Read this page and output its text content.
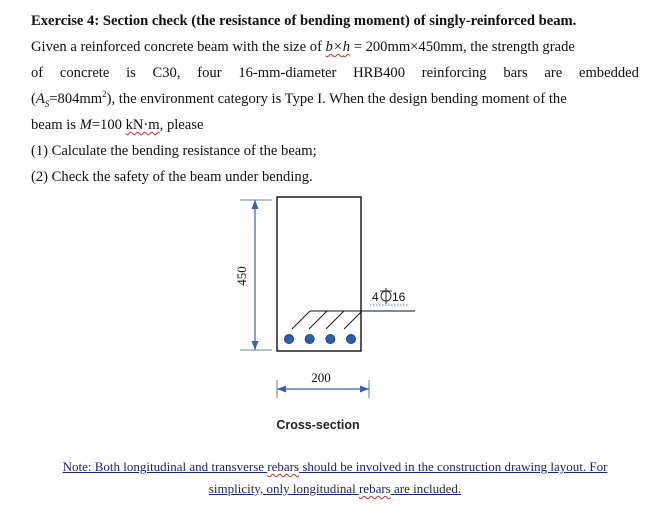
Exercise 4: Section check (the resistance of bending moment) of singly-reinforced beam.
Given a reinforced concrete beam with the size of b×h = 200mm×450mm, the strength grade
of concrete is C30, four 16-mm-diameter HRB400 reinforcing bars are embedded
$(A_S=804mm^2)$, the environment category is Type I. When the design bending moment of the
beam is M=100 kN·m, please
(1) Calculate the bending resistance of the beam;
(2) Check the safety of the beam under bending.
450
4 16
200
Cross-section
Note: Both longitudinal and transverse rebars should be involved in the construction drawing layout. For
simplicity, only longitudinal rebars are included.
